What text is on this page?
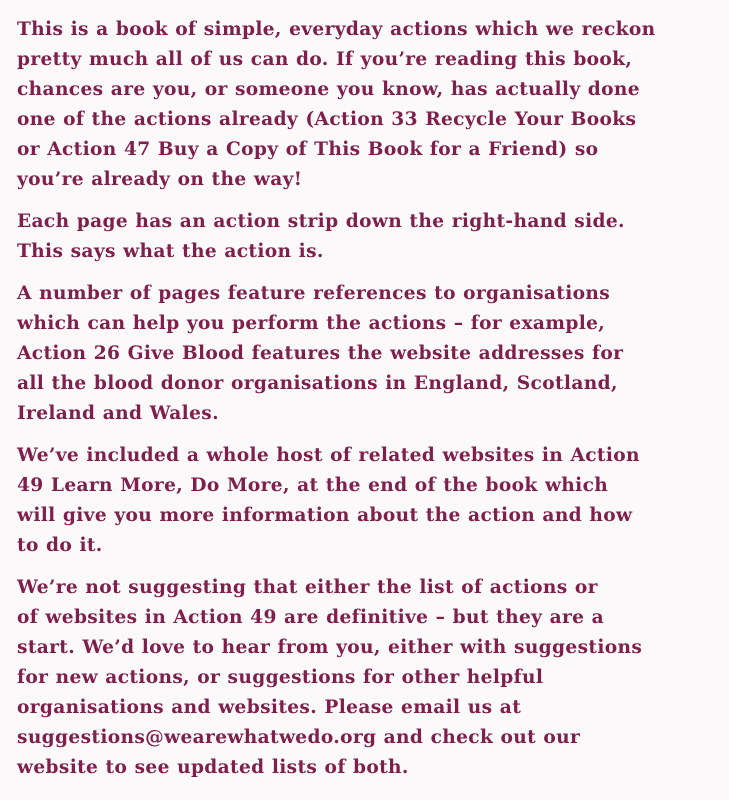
This is a book of simple, everyday actions which we reckon
pretty much all of us can do. If you’re reading this book,
chances are you, or someone you know, has actually done
one of the actions already (Action 33 Recycle Your Books
or Action 47 Buy a Copy of This Book for a Friend) so
you’re already on the way!
Each page has an action strip down the right-hand side.
This says what the action is.
A number of pages feature references to organisations
which can help you perform the actions – for example,
Action 26 Give Blood features the website addresses for
all the blood donor organisations in England, Scotland,
Ireland and Wales.
We’ve included a whole host of related websites in Action
49 Learn More, Do More, at the end of the book which
will give you more information about the action and how
to do it.
We’re not suggesting that either the list of actions or
of websites in Action 49 are definitive – but they are a
start. We’d love to hear from you, either with suggestions
for new actions, or suggestions for other helpful
organisations and websites. Please email us at
suggestions@wearewhatwedo.org and check out our
website to see updated lists of both.
